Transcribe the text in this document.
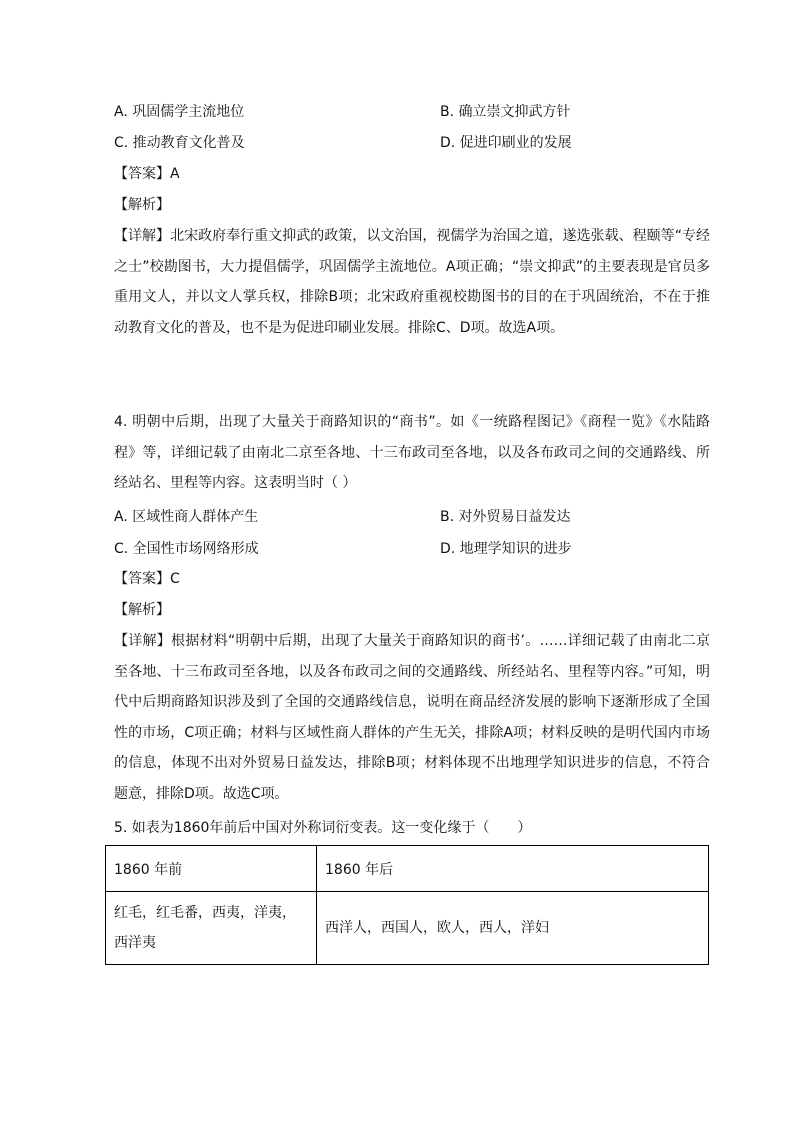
A. 巩固儒学主流地位	B. 确立崇文抑武方针
C. 推动教育文化普及	D. 促进印刷业的发展
【答案】A
【解析】
【详解】北宋政府奉行重文抑武的政策，以文治国，视儒学为治国之道，遂选张载、程颐等“专经之士”校勘图书，大力提倡儒学，巩固儒学主流地位。A项正确；“崇文抑武”的主要表现是官员多重用文人，并以文人掌兵权，排除B项；北宋政府重视校勘图书的目的在于巩固统治，不在于推动教育文化的普及，也不是为促进印刷业发展。排除C、D项。故选A项。
4. 明朝中后期，出现了大量关于商路知识的“商书”。如《一统路程图记》《商程一览》《水陆路程》等，详细记载了由南北二京至各地、十三布政司至各地，以及各布政司之间的交通路线、所经站名、里程等内容。这表明当时（ ）
A. 区域性商人群体产生	B. 对外贸易日益发达
C. 全国性市场网络形成	D. 地理学知识的进步
【答案】C
【解析】
【详解】根据材料“明朝中后期，出现了大量关于商路知识的商书’。……详细记载了由南北二京至各地、十三布政司至各地，以及各布政司之间的交通路线、所经站名、里程等内容。”可知，明代中后期商路知识涉及到了全国的交通路线信息，说明在商品经济发展的影响下逐渐形成了全国性的市场，C项正确；材料与区域性商人群体的产生无关，排除A项；材料反映的是明代国内市场的信息，体现不出对外贸易日益发达，排除B项；材料体现不出地理学知识进步的信息，不符合题意，排除D项。故选C项。
5. 如表为1860年前后中国对外称词衍变表。这一变化缘于（　　）
1860 年前	1860 年后
红毛，红毛番，西夷，洋夷，西洋夷	西洋人，西国人，欧人，西人，洋妇
